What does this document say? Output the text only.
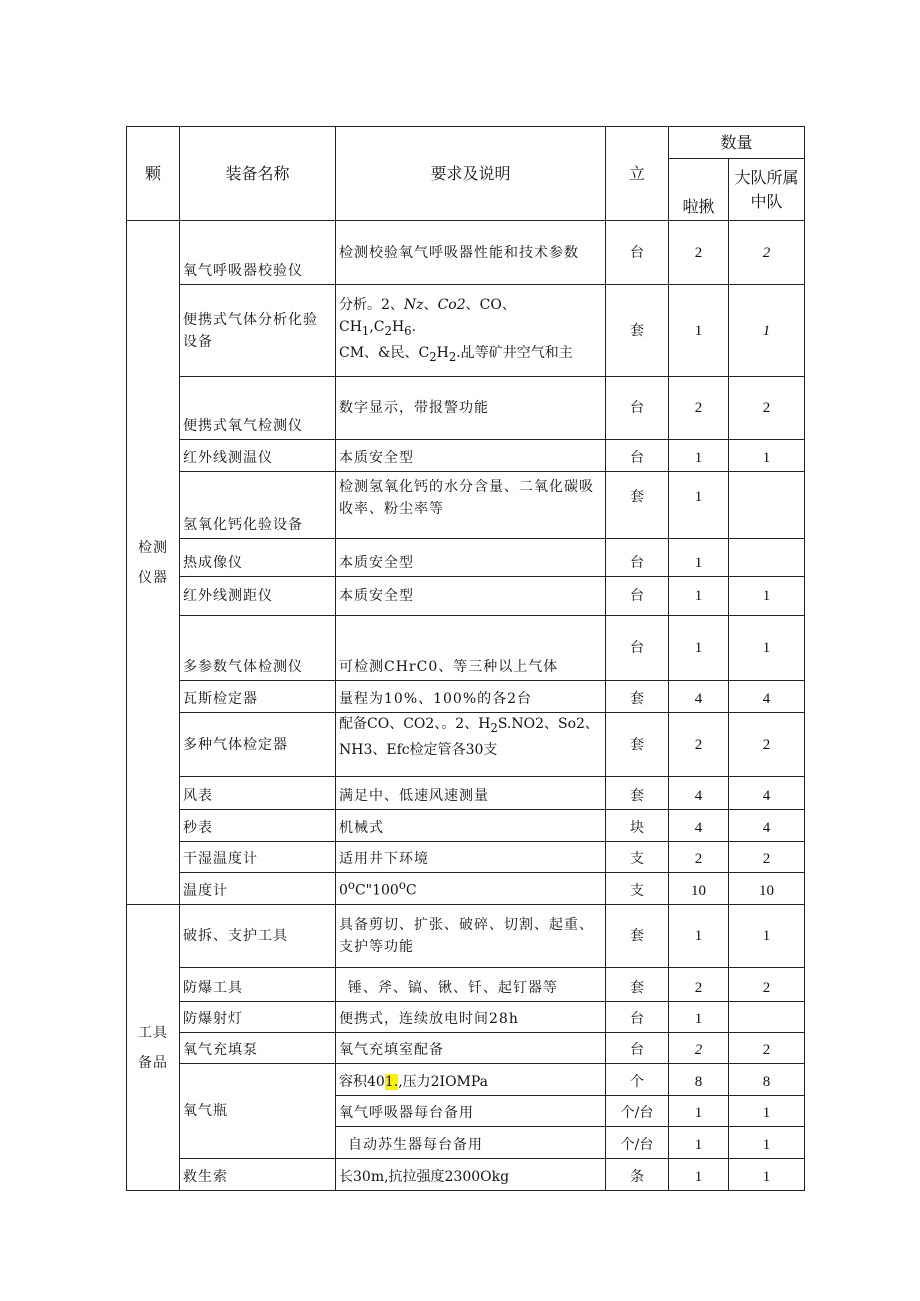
颗	装备名称	要求及说明	立	数量	
				啦揪	大队所属中队

检测仪器	氧气呼吸器校验仪	检测校验氧气呼吸器性能和技术参数	台	2	2
	便携式气体分析化验设备	分析。2、Nz、Co2、CO、
$CH_1,C_2H_6$.
CM、&民、$C_2H_2$.乩等矿井空气和主	套	1	1
	便携式氧气检测仪	数字显示，带报警功能	台	2	2
	红外线测温仪	本质安全型	台	1	1
	氢氧化钙化验设备	检测氢氧化钙的水分含量、二氧化碳吸收率、粉尘率等	套	1	
	热成像仪	本质安全型	台	1	
	红外线测距仪	本质安全型	台	1	1
	多参数气体检测仪	可检测CHrC0、等三种以上气体	台	1	1
	瓦斯检定器	量程为10%、100%的各2台	套	4	4
	多种气体检定器	配备CO、CO2、。2、$H_2S.NO2$、So2、
NH3、Efc检定管各30支	套	2	2
	风表	满足中、低速风速测量	套	4	4
	秒表	机械式	块	4	4
	干湿温度计	适用井下环境	支	2	2
	温度计	0$^o$C"100$^o$C	支	10	10

工具备品	破拆、支护工具	具备剪切、扩张、破碎、切割、起重、支护等功能	套	1	1
	防爆工具	锤、斧、镐、锹、钎、起钉器等	套	2	2
	防爆射灯	便携式，连续放电时间28h	台	1	
	氧气充填泵	氧气充填室配备	台	2	2
	氧气瓶	容积401.,压力2IOMPa	个	8	8
		氧气呼吸器每台备用	个/台	1	1
		自动苏生器每台备用	个/台	1	1
	救生索	长30m,抗拉强度2300Okg	条	1	1
